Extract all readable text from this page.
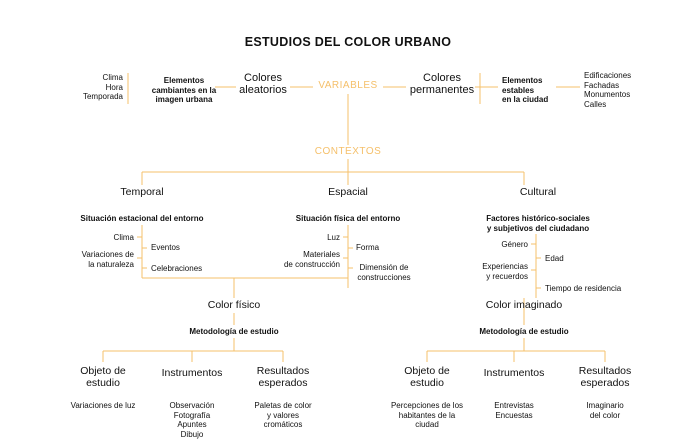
ESTUDIOS DEL COLOR URBANO
Clima
Hora
Temporada
Elementos
cambiantes en la
imagen urbana
Colores
aleatorios	VARIABLES
Colores
permanentes
Elementos
estables
en la ciudad
Edificaciones
Fachadas
Monumentos
Calles
CONTEXTOS
Temporal
Situación estacional del entorno
Clima
Variaciones de
la naturaleza
Eventos
Celebraciones
Espacial
Situación física del entorno
Luz
Materiales
de construcción
Forma
Dimensión de
construcciones
Cultural
Factores histórico-sociales
y subjetivos del ciudadano
Género
Experiencias
y recuerdos
Edad
Tiempo de residencia
Color físico
Metodología de estudio
Objeto de
estudio
Variaciones de luz
Instrumentos
Observación
Fotografía
Apuntes
Dibujo
Resultados
esperados
Paletas de color
y valores
cromáticos
Color imaginado
Metodología de estudio
Objeto de
estudio
Percepciones de los
habitantes de la
ciudad
Instrumentos
Entrevistas
Encuestas
Resultados
esperados
Imaginario
del color
